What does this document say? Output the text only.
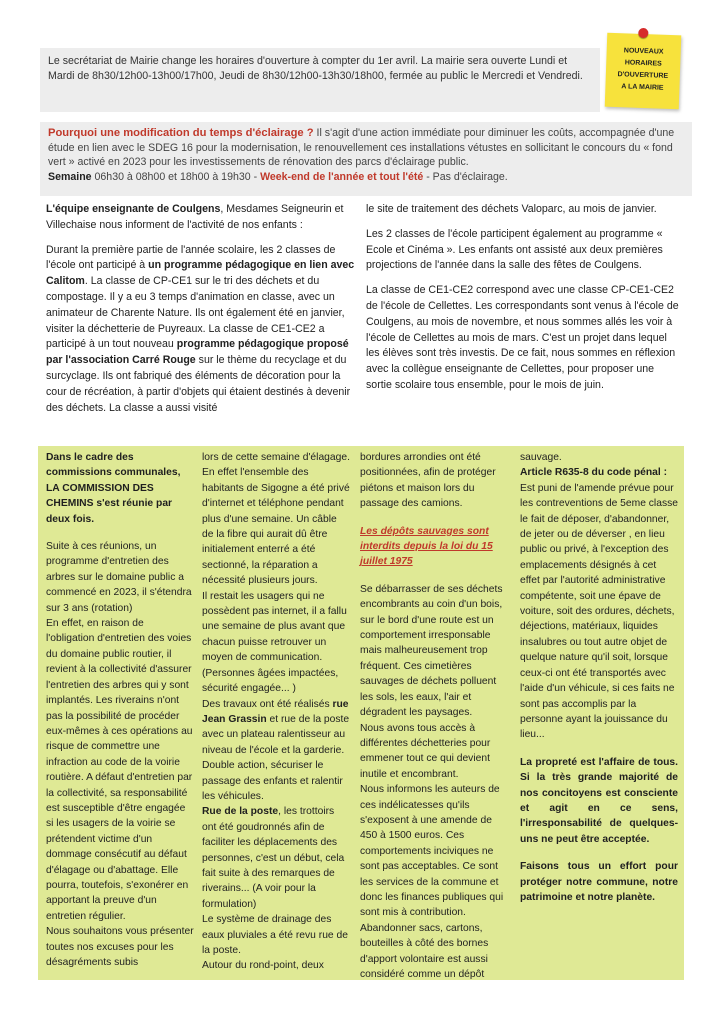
Le secrétariat de Mairie change les horaires d'ouverture à compter du 1er avril. La mairie sera ouverte Lundi et Mardi de 8h30/12h00-13h00/17h00, Jeudi de 8h30/12h00-13h30/18h00, fermée au public le Mercredi et Vendredi.
NOUVEAUX
HORAIRES
D'OUVERTURE
A LA MAIRIE
Pourquoi une modification du temps d'éclairage ? Il s'agit d'une action immédiate pour diminuer les coûts, accompagnée d'une étude en lien avec le SDEG 16 pour la modernisation, le renouvellement ces installations vétustes en sollicitant le concours du « fond vert » activé en 2023 pour les investissements de rénovation des parcs d'éclairage public.
Semaine 06h30 à 08h00 et 18h00 à 19h30 - Week-end de l'année et tout l'été - Pas d'éclairage.

L'équipe enseignante de Coulgens, Mesdames Seigneurin et Villechaise nous informent de l'activité de nos enfants :

Durant la première partie de l'année scolaire, les 2 classes de l'école ont participé à un programme pédagogique en lien avec Calitom. La classe de CP-CE1 sur le tri des déchets et du compostage. Il y a eu 3 temps d'animation en classe, avec un animateur de Charente Nature. Ils ont également été en janvier, visiter la déchetterie de Puyreaux. La classe de CE1-CE2 a participé à un tout nouveau programme pédagogique proposé par l'association Carré Rouge sur le thème du recyclage et du surcyclage. Ils ont fabriqué des éléments de décoration pour la cour de récréation, à partir d'objets qui étaient destinés à devenir des déchets. La classe a aussi visité

le site de traitement des déchets Valoparc, au mois de janvier.

Les 2 classes de l'école participent également au programme « Ecole et Cinéma ». Les enfants ont assisté aux deux premières projections de l'année dans la salle des fêtes de Coulgens.

La classe de CE1-CE2 correspond avec une classe CP-CE1-CE2 de l'école de Cellettes. Les correspondants sont venus à l'école de Coulgens, au mois de novembre, et nous sommes allés les voir à l'école de Cellettes au mois de mars. C'est un projet dans lequel les élèves sont très investis. De ce fait, nous sommes en réflexion avec la collègue enseignante de Cellettes, pour proposer une sortie scolaire tous ensemble, pour le mois de juin.

Dans le cadre des commissions communales, LA COMMISSION DES CHEMINS s'est réunie par deux fois.

Suite à ces réunions, un programme d'entretien des arbres sur le domaine public a commencé en 2023, il s'étendra sur 3 ans (rotation)

En effet, en raison de l'obligation d'entretien des voies du domaine public routier, il revient à la collectivité d'assurer l'entretien des arbres qui y sont implantés. Les riverains n'ont pas la possibilité de procéder eux-mêmes à ces opérations au risque de commettre une infraction au code de la voirie routière. A défaut d'entretien par la collectivité, sa responsabilité est susceptible d'être engagée si les usagers de la voirie se prétendent victime d'un dommage consécutif au défaut d'élagage ou d'abattage. Elle pourra, toutefois, s'exonérer en apportant la preuve d'un entretien régulier.

Nous souhaitons vous présenter toutes nos excuses pour les désagréments subis

lors de cette semaine d'élagage. En effet l'ensemble des habitants de Sigogne a été privé d'internet et téléphone pendant plus d'une semaine. Un câble de la fibre qui aurait dû être initialement enterré a été sectionné, la réparation a nécessité plusieurs jours.

Il restait les usagers qui ne possèdent pas internet, il a fallu une semaine de plus avant que chacun puisse retrouver un moyen de communication. (Personnes âgées impactées, sécurité engagée... )

Des travaux ont été réalisés rue Jean Grassin et rue de la poste avec un plateau ralentisseur au niveau de l'école et la garderie. Double action, sécuriser le passage des enfants et ralentir les véhicules.

Rue de la poste, les trottoirs ont été goudronnés afin de faciliter les déplacements des personnes, c'est un début, cela fait suite à des remarques de riverains... (A voir pour la formulation)

Le système de drainage des eaux pluviales a été revu rue de la poste.

Autour du rond-point, deux

bordures arrondies ont été positionnées, afin de protéger piétons et maison lors du passage des camions.

Les dépôts sauvages sont interdits depuis la loi du 15 juillet 1975

Se débarrasser de ses déchets encombrants au coin d'un bois, sur le bord d'une route est un comportement irresponsable mais malheureusement trop fréquent. Ces cimetières sauvages de déchets polluent les sols, les eaux, l'air et dégradent les paysages.

Nous avons tous accès à différentes déchetteries pour emmener tout ce qui devient inutile et encombrant.

Nous informons les auteurs de ces indélicatesses qu'ils s'exposent à une amende de 450 à 1500 euros. Ces comportements inciviques ne sont pas acceptables. Ce sont les services de la commune et donc les finances publiques qui sont mis à contribution. Abandonner sacs, cartons, bouteilles à côté des bornes d'apport volontaire est aussi considéré comme un dépôt

sauvage.

Article R635-8 du code pénal :

Est puni de l'amende prévue pour les contreventions de 5eme classe le fait de déposer, d'abandonner, de jeter ou de déverser , en lieu public ou privé, à l'exception des emplacements désignés à cet effet par l'autorité administrative compétente, soit une épave de voiture, soit des ordures, déchets, déjections, matériaux, liquides insalubres ou tout autre objet de quelque nature qu'il soit, lorsque ceux-ci ont été transportés avec l'aide d'un véhicule, si ces faits ne sont pas accomplis par la personne ayant la jouissance du lieu...

La propreté est l'affaire de tous. Si la très grande majorité de nos concitoyens est consciente et agit en ce sens, l'irresponsabilité de quelques-uns ne peut être acceptée.

Faisons tous un effort pour protéger notre commune, notre patrimoine et notre planète.
